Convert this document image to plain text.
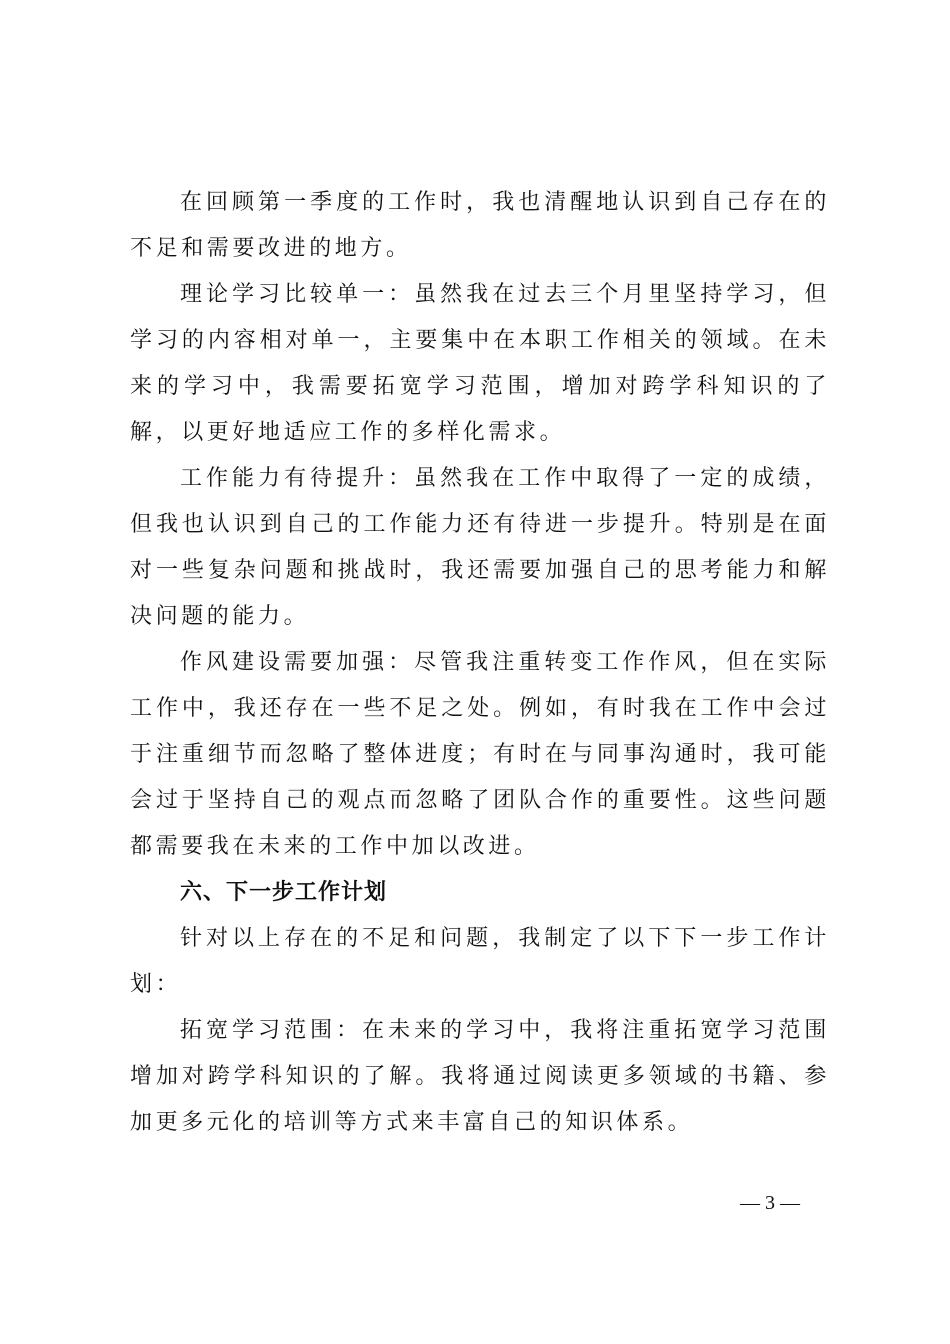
在回顾第一季度的工作时，我也清醒地认识到自己存在的不足和需要改进的地方。

理论学习比较单一：虽然我在过去三个月里坚持学习，但学习的内容相对单一，主要集中在本职工作相关的领域。在未来的学习中，我需要拓宽学习范围，增加对跨学科知识的了解，以更好地适应工作的多样化需求。

工作能力有待提升：虽然我在工作中取得了一定的成绩，但我也认识到自己的工作能力还有待进一步提升。特别是在面对一些复杂问题和挑战时，我还需要加强自己的思考能力和解决问题的能力。

作风建设需要加强：尽管我注重转变工作作风，但在实际工作中，我还存在一些不足之处。例如，有时我在工作中会过于注重细节而忽略了整体进度；有时在与同事沟通时，我可能会过于坚持自己的观点而忽略了团队合作的重要性。这些问题都需要我在未来的工作中加以改进。

六、下一步工作计划

针对以上存在的不足和问题，我制定了以下下一步工作计划：

拓宽学习范围：在未来的学习中，我将注重拓宽学习范围增加对跨学科知识的了解。我将通过阅读更多领域的书籍、参加更多元化的培训等方式来丰富自己的知识体系。

— 3 —
